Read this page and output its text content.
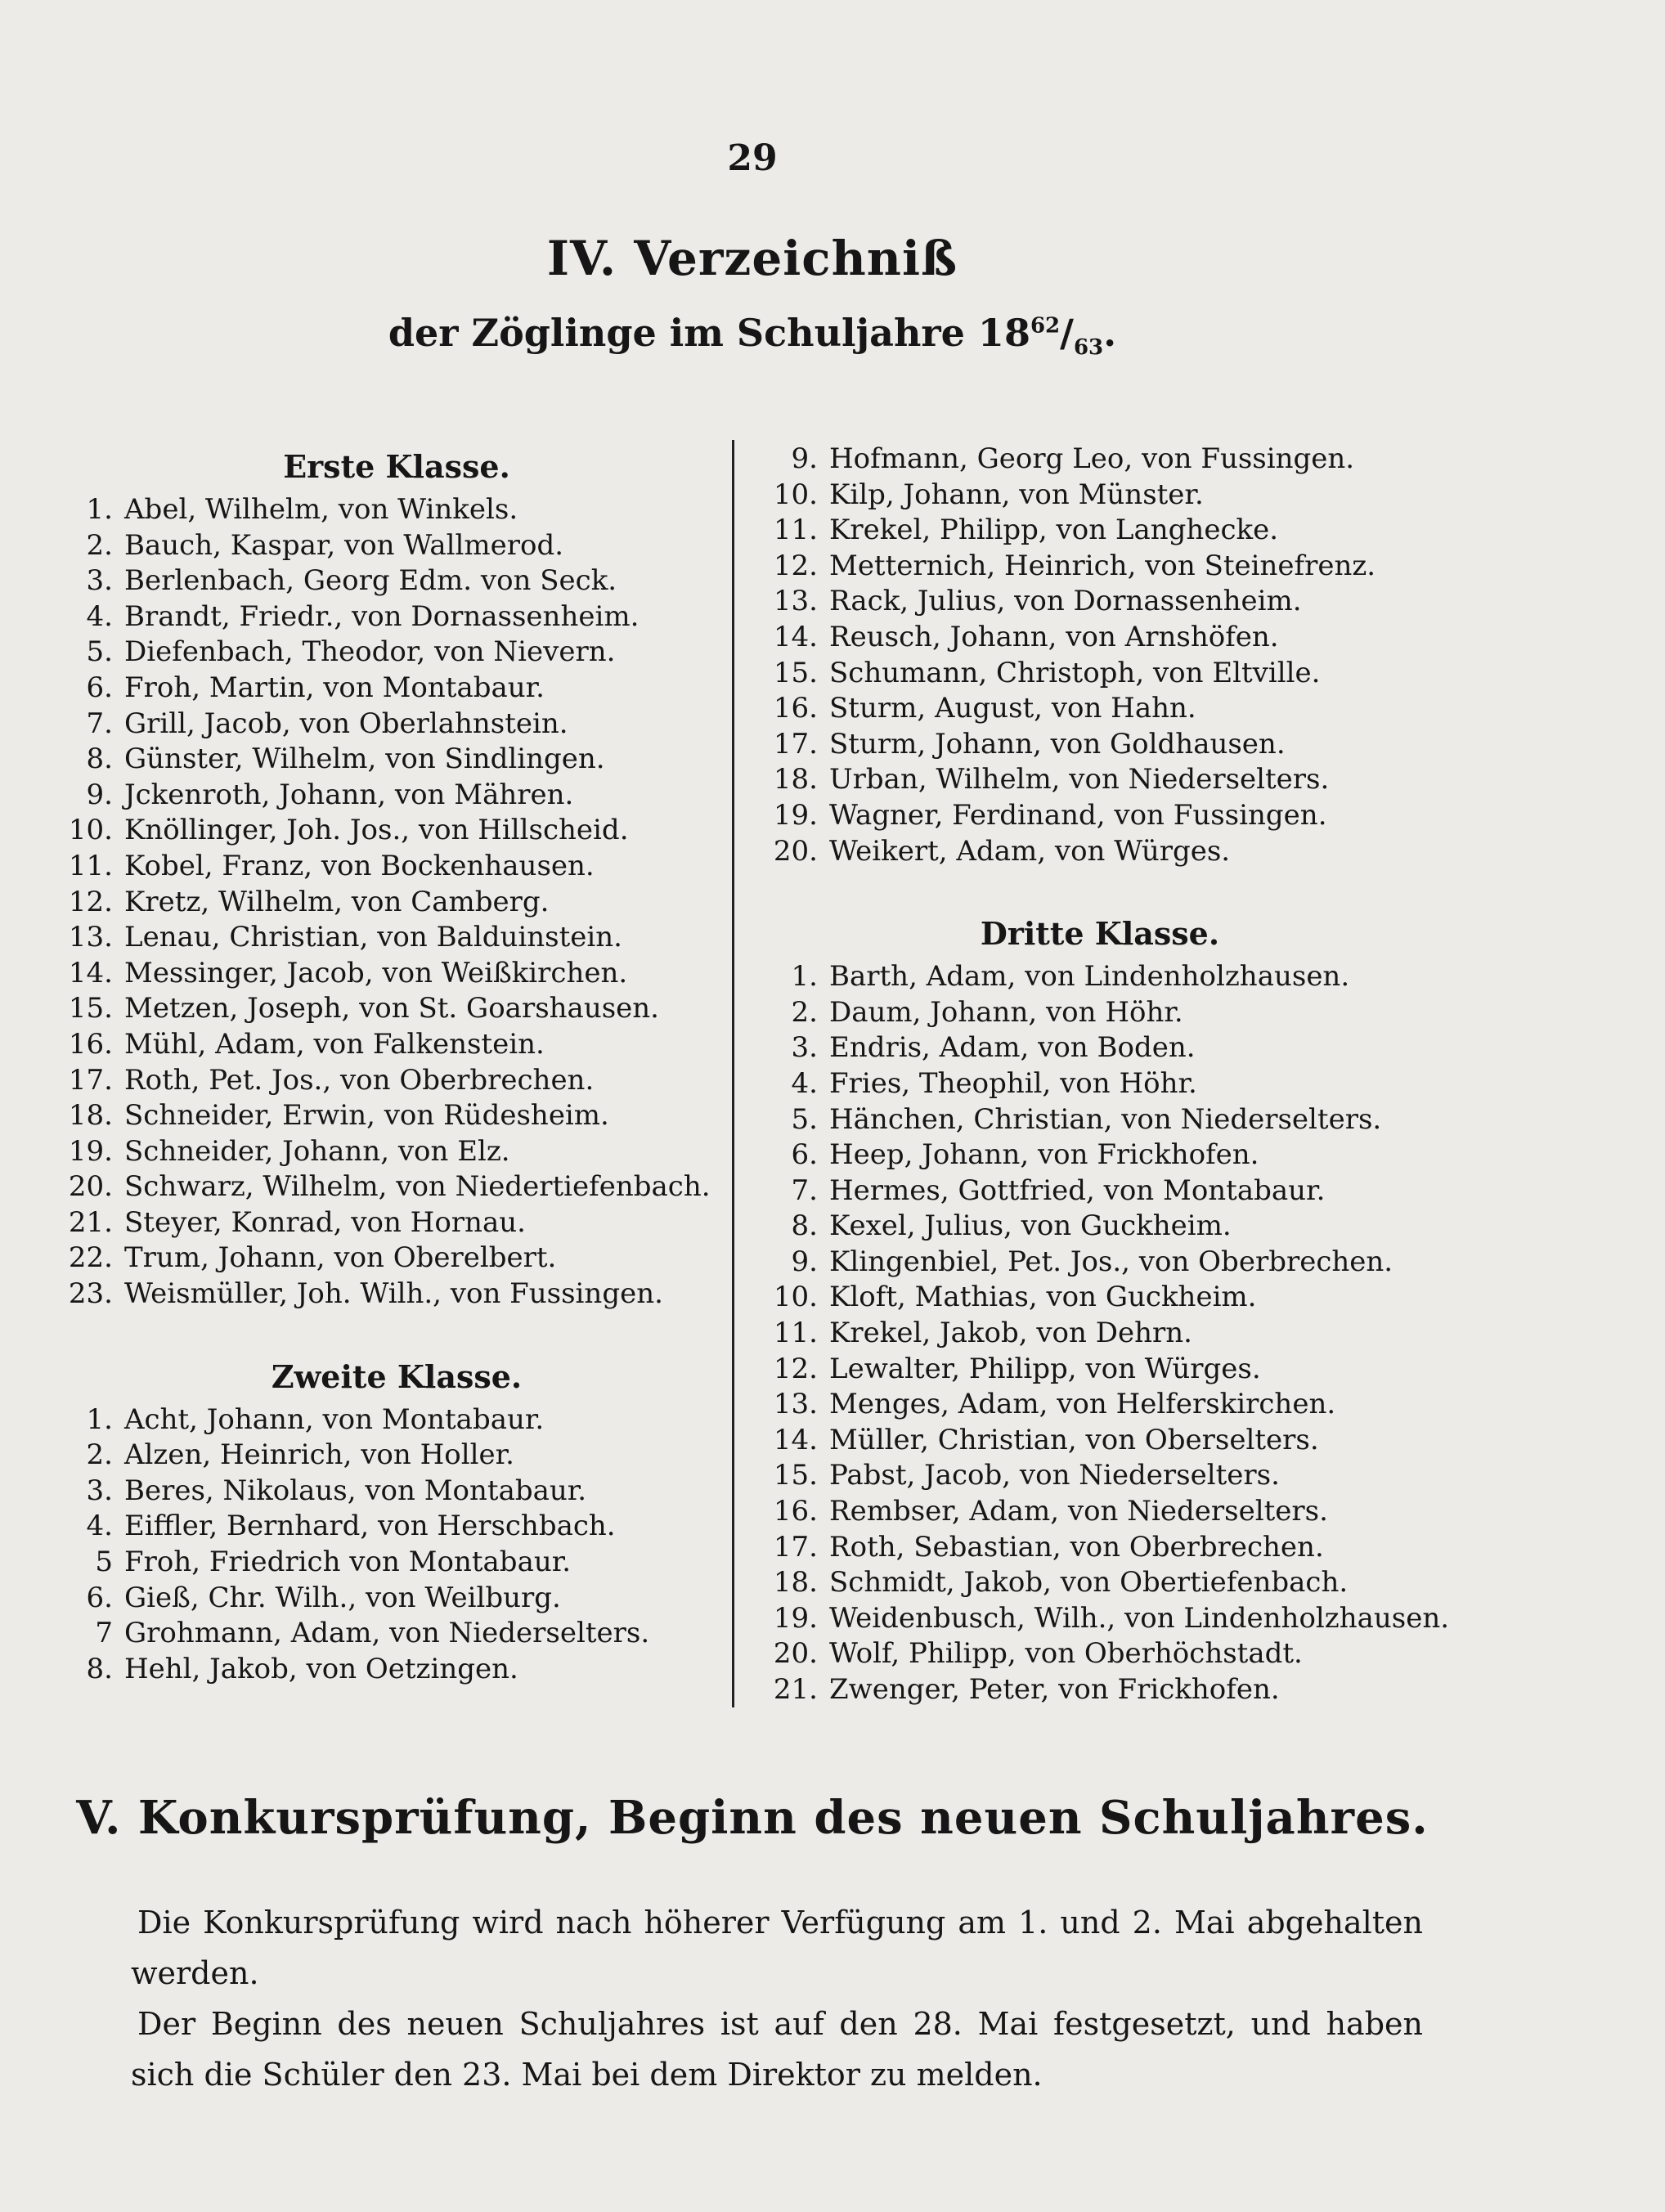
29
IV. Verzeichniß
der Zöglinge im Schuljahre $18^{62}/_{63}$.
Erste Klasse.
1. Abel, Wilhelm, von Winkels.
2. Bauch, Kaspar, von Wallmerod.
3. Berlenbach, Georg Edm. von Seck.
4. Brandt, Friedr., von Dornassenheim.
5. Diefenbach, Theodor, von Nievern.
6. Froh, Martin, von Montabaur.
7. Grill, Jacob, von Oberlahnstein.
8. Günster, Wilhelm, von Sindlingen.
9. Jckenroth, Johann, von Mähren.
10. Knöllinger, Joh. Jos., von Hillscheid.
11. Kobel, Franz, von Bockenhausen.
12. Kretz, Wilhelm, von Camberg.
13. Lenau, Christian, von Balduinstein.
14. Messinger, Jacob, von Weißkirchen.
15. Metzen, Joseph, von St. Goarshausen.
16. Mühl, Adam, von Falkenstein.
17. Roth, Pet. Jos., von Oberbrechen.
18. Schneider, Erwin, von Rüdesheim.
19. Schneider, Johann, von Elz.
20. Schwarz, Wilhelm, von Niedertiefenbach.
21. Steyer, Konrad, von Hornau.
22. Trum, Johann, von Oberelbert.
23. Weismüller, Joh. Wilh., von Fussingen.
Zweite Klasse.
1. Acht, Johann, von Montabaur.
2. Alzen, Heinrich, von Holler.
3. Beres, Nikolaus, von Montabaur.
4. Eiffler, Bernhard, von Herschbach.
5 Froh, Friedrich von Montabaur.
6. Gieß, Chr. Wilh., von Weilburg.
7 Grohmann, Adam, von Niederselters.
8. Hehl, Jakob, von Oetzingen.
9. Hofmann, Georg Leo, von Fussingen.
10. Kilp, Johann, von Münster.
11. Krekel, Philipp, von Langhecke.
12. Metternich, Heinrich, von Steinefrenz.
13. Rack, Julius, von Dornassenheim.
14. Reusch, Johann, von Arnshöfen.
15. Schumann, Christoph, von Eltville.
16. Sturm, August, von Hahn.
17. Sturm, Johann, von Goldhausen.
18. Urban, Wilhelm, von Niederselters.
19. Wagner, Ferdinand, von Fussingen.
20. Weikert, Adam, von Würges.
Dritte Klasse.
1. Barth, Adam, von Lindenholzhausen.
2. Daum, Johann, von Höhr.
3. Endris, Adam, von Boden.
4. Fries, Theophil, von Höhr.
5. Hänchen, Christian, von Niederselters.
6. Heep, Johann, von Frickhofen.
7. Hermes, Gottfried, von Montabaur.
8. Kexel, Julius, von Guckheim.
9. Klingenbiel, Pet. Jos., von Oberbrechen.
10. Kloft, Mathias, von Guckheim.
11. Krekel, Jakob, von Dehrn.
12. Lewalter, Philipp, von Würges.
13. Menges, Adam, von Helferskirchen.
14. Müller, Christian, von Oberselters.
15. Pabst, Jacob, von Niederselters.
16. Rembser, Adam, von Niederselters.
17. Roth, Sebastian, von Oberbrechen.
18. Schmidt, Jakob, von Obertiefenbach.
19. Weidenbusch, Wilh., von Lindenholzhausen.
20. Wolf, Philipp, von Oberhöchstadt.
21. Zwenger, Peter, von Frickhofen.
V. Konkursprüfung, Beginn des neuen Schuljahres.

Die Konkursprüfung wird nach höherer Verfügung am 1. und 2. Mai abgehalten werden.

Der Beginn des neuen Schuljahres ist auf den 28. Mai festgesetzt, und haben sich die Schüler den 23. Mai bei dem Direktor zu melden.
